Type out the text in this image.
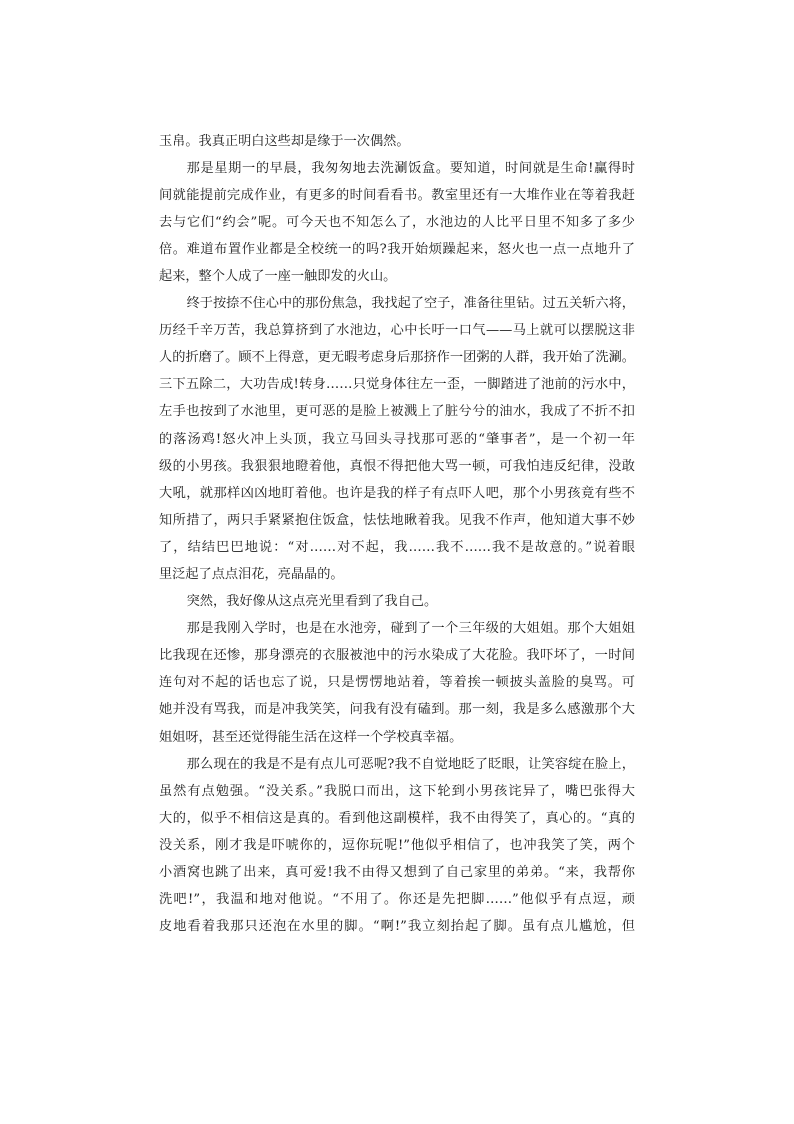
玉帛。我真正明白这些却是缘于一次偶然。
那是星期一的早晨，我匆匆地去洗涮饭盒。要知道，时间就是生命!赢得时
间就能提前完成作业，有更多的时间看看书。教室里还有一大堆作业在等着我赶
去与它们“约会”呢。可今天也不知怎么了，水池边的人比平日里不知多了多少
倍。难道布置作业都是全校统一的吗?我开始烦躁起来，怒火也一点一点地升了
起来，整个人成了一座一触即发的火山。
终于按捺不住心中的那份焦急，我找起了空子，准备往里钻。过五关斩六将，
历经千辛万苦，我总算挤到了水池边，心中长吁一口气——马上就可以摆脱这非
人的折磨了。顾不上得意，更无暇考虑身后那挤作一团粥的人群，我开始了洗涮。
三下五除二，大功告成!转身……只觉身体往左一歪，一脚踏进了池前的污水中，
左手也按到了水池里，更可恶的是脸上被溅上了脏兮兮的油水，我成了不折不扣
的落汤鸡!怒火冲上头顶，我立马回头寻找那可恶的“肇事者”，是一个初一年
级的小男孩。我狠狠地瞪着他，真恨不得把他大骂一顿，可我怕违反纪律，没敢
大吼，就那样凶凶地盯着他。也许是我的样子有点吓人吧，那个小男孩竟有些不
知所措了，两只手紧紧抱住饭盒，怯怯地瞅着我。见我不作声，他知道大事不妙
了，结结巴巴地说：“对……对不起，我……我不……我不是故意的。”说着眼
里泛起了点点泪花，亮晶晶的。
突然，我好像从这点亮光里看到了我自己。
那是我刚入学时，也是在水池旁，碰到了一个三年级的大姐姐。那个大姐姐
比我现在还惨，那身漂亮的衣服被池中的污水染成了大花脸。我吓坏了，一时间
连句对不起的话也忘了说，只是愣愣地站着，等着挨一顿披头盖脸的臭骂。可
她并没有骂我，而是冲我笑笑，问我有没有磕到。那一刻，我是多么感激那个大
姐姐呀，甚至还觉得能生活在这样一个学校真幸福。
那么现在的我是不是有点儿可恶呢?我不自觉地眨了眨眼，让笑容绽在脸上，
虽然有点勉强。“没关系。”我脱口而出，这下轮到小男孩诧异了，嘴巴张得大
大的，似乎不相信这是真的。看到他这副模样，我不由得笑了，真心的。“真的
没关系，刚才我是吓唬你的，逗你玩呢!”他似乎相信了，也冲我笑了笑，两个
小酒窝也跳了出来，真可爱!我不由得又想到了自己家里的弟弟。“来，我帮你
洗吧!”，我温和地对他说。“不用了。你还是先把脚……”他似乎有点逗，顽
皮地看着我那只还泡在水里的脚。“啊!”我立刻抬起了脚。虽有点儿尴尬，但
